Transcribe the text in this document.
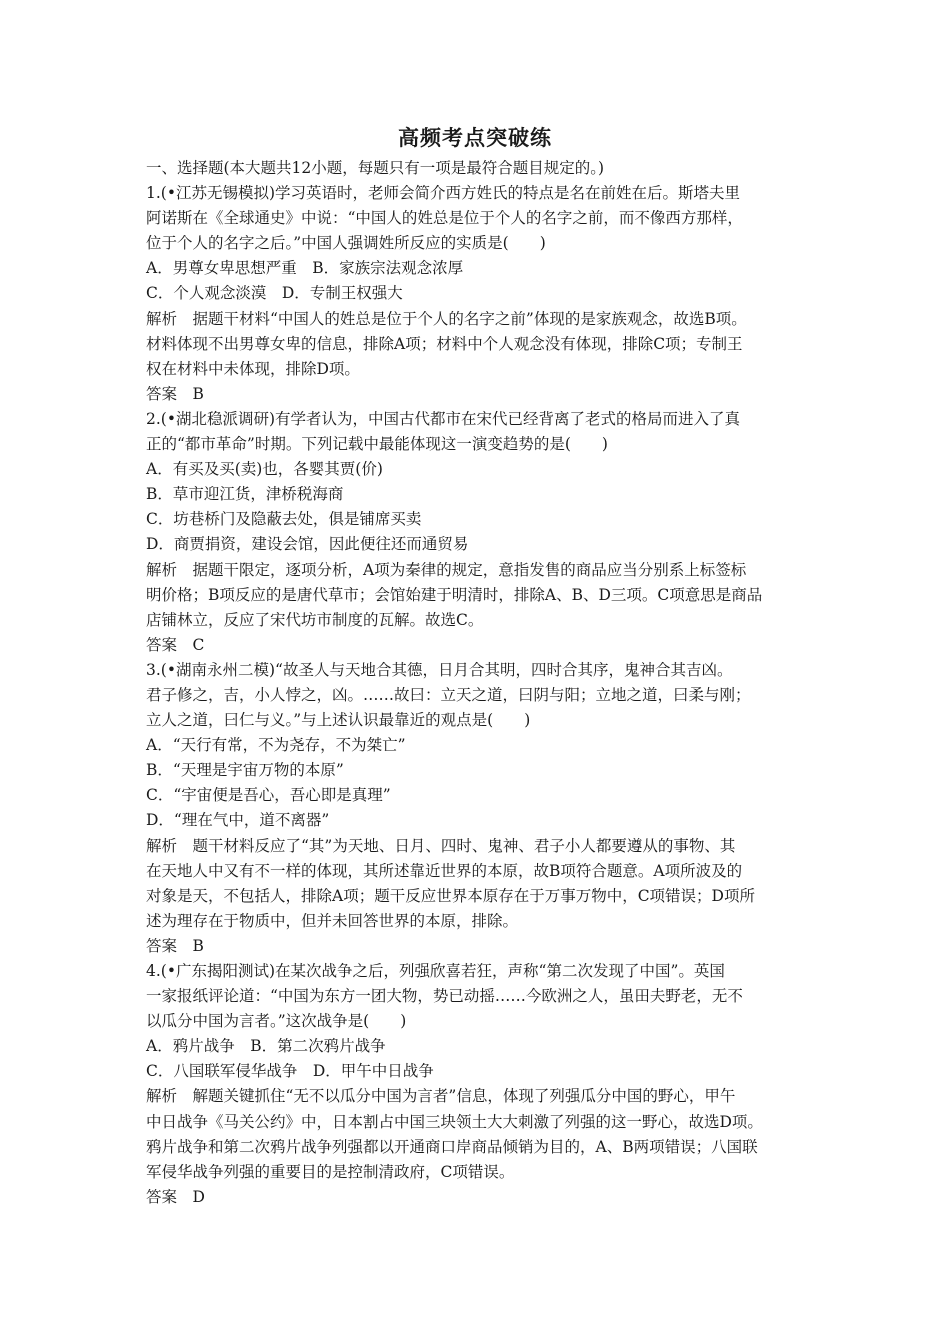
高频考点突破练
一、选择题(本大题共12小题，每题只有一项是最符合题目规定的。)
1.(•江苏无锡模拟)学习英语时，老师会简介西方姓氏的特点是名在前姓在后。斯塔夫里
阿诺斯在《全球通史》中说：“中国人的姓总是位于个人的名字之前，而不像西方那样，
位于个人的名字之后。”中国人强调姓所反应的实质是(　　)
A．男尊女卑思想严重　B．家族宗法观念浓厚
C．个人观念淡漠　D．专制王权强大
解析　据题干材料“中国人的姓总是位于个人的名字之前”体现的是家族观念，故选B项。
材料体现不出男尊女卑的信息，排除A项；材料中个人观念没有体现，排除C项；专制王
权在材料中未体现，排除D项。
答案　B
2.(•湖北稳派调研)有学者认为，中国古代都市在宋代已经背离了老式的格局而进入了真
正的“都市革命”时期。下列记载中最能体现这一演变趋势的是(　　)
A．有买及买(卖)也，各婴其贾(价)
B．草市迎江货，津桥税海商
C．坊巷桥门及隐蔽去处，俱是铺席买卖
D．商贾捐资，建设会馆，因此便往还而通贸易
解析　据题干限定，逐项分析，A项为秦律的规定，意指发售的商品应当分别系上标签标
明价格；B项反应的是唐代草市；会馆始建于明清时，排除A、B、D三项。C项意思是商品
店铺林立，反应了宋代坊市制度的瓦解。故选C。
答案　C
3.(•湖南永州二模)“故圣人与天地合其德，日月合其明，四时合其序，鬼神合其吉凶。
君子修之，吉，小人悖之，凶。……故曰：立天之道，曰阴与阳；立地之道，曰柔与刚；
立人之道，曰仁与义。”与上述认识最靠近的观点是(　　)
A．“天行有常，不为尧存，不为桀亡”
B．“天理是宇宙万物的本原”
C．“宇宙便是吾心，吾心即是真理”
D．“理在气中，道不离器”
解析　题干材料反应了“其”为天地、日月、四时、鬼神、君子小人都要遵从的事物、其
在天地人中又有不一样的体现，其所述靠近世界的本原，故B项符合题意。A项所波及的
对象是天，不包括人，排除A项；题干反应世界本原存在于万事万物中，C项错误；D项所
述为理存在于物质中，但并未回答世界的本原，排除。
答案　B
4.(•广东揭阳测试)在某次战争之后，列强欣喜若狂，声称“第二次发现了中国”。英国
一家报纸评论道：“中国为东方一团大物，势已动摇……今欧洲之人，虽田夫野老，无不
以瓜分中国为言者。”这次战争是(　　)
A．鸦片战争　B．第二次鸦片战争
C．八国联军侵华战争　D．甲午中日战争
解析　解题关键抓住“无不以瓜分中国为言者”信息，体现了列强瓜分中国的野心，甲午
中日战争《马关公约》中，日本割占中国三块领土大大刺激了列强的这一野心，故选D项。
鸦片战争和第二次鸦片战争列强都以开通商口岸商品倾销为目的，A、B两项错误；八国联
军侵华战争列强的重要目的是控制清政府，C项错误。
答案　D
